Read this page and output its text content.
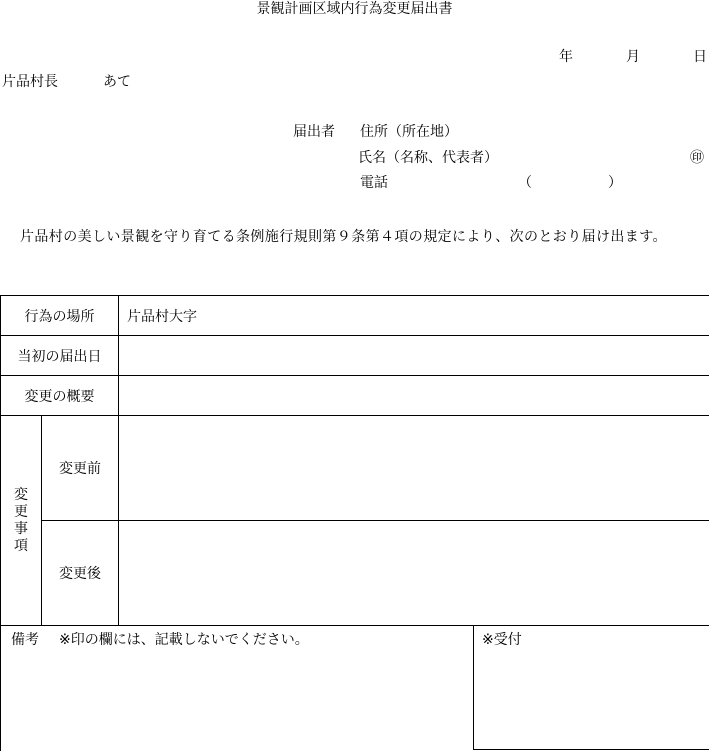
景観計画区域内行為変更届出書
年	月	日
片品村長	あて
届出者 住所（所在地）
氏名（名称、代表者）	㊞
電話	（	）
片品村の美しい景観を守り育てる条例施行規則第９条第４項の規定により、次のとおり届け出ます。
行為の場所		片品村大字
当初の届出日		
変更の概要		

変
更
事
項	変更前	
	変更後	
備考 ※印の欄には、記載しないでください。	※受付
